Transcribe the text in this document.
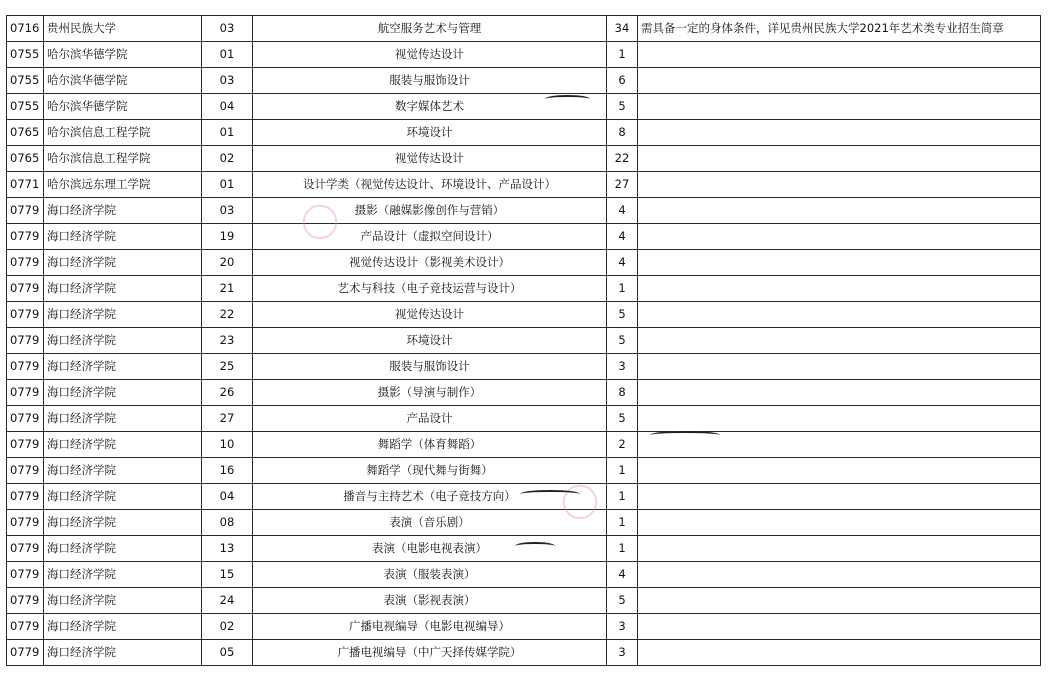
0716	贵州民族大学	03	航空服务艺术与管理	34	需具备一定的身体条件，详见贵州民族大学2021年艺术类专业招生简章
0755	哈尔滨华德学院	01	视觉传达设计	1	
0755	哈尔滨华德学院	03	服装与服饰设计	6	
0755	哈尔滨华德学院	04	数字媒体艺术	5	
0765	哈尔滨信息工程学院	01	环境设计	8	
0765	哈尔滨信息工程学院	02	视觉传达设计	22	
0771	哈尔滨远东理工学院	01	设计学类（视觉传达设计、环境设计、产品设计）	27	
0779	海口经济学院	03	摄影（融媒影像创作与营销）	4	
0779	海口经济学院	19	产品设计（虚拟空间设计）	4	
0779	海口经济学院	20	视觉传达设计（影视美术设计）	4	
0779	海口经济学院	21	艺术与科技（电子竞技运营与设计）	1	
0779	海口经济学院	22	视觉传达设计	5	
0779	海口经济学院	23	环境设计	5	
0779	海口经济学院	25	服装与服饰设计	3	
0779	海口经济学院	26	摄影（导演与制作）	8	
0779	海口经济学院	27	产品设计	5	
0779	海口经济学院	10	舞蹈学（体育舞蹈）	2	
0779	海口经济学院	16	舞蹈学（现代舞与街舞）	1	
0779	海口经济学院	04	播音与主持艺术（电子竞技方向）	1	
0779	海口经济学院	08	表演（音乐剧）	1	
0779	海口经济学院	13	表演（电影电视表演）	1	
0779	海口经济学院	15	表演（服装表演）	4	
0779	海口经济学院	24	表演（影视表演）	5	
0779	海口经济学院	02	广播电视编导（电影电视编导）	3	
0779	海口经济学院	05	广播电视编导（中广天择传媒学院）	3	
◯
◯
